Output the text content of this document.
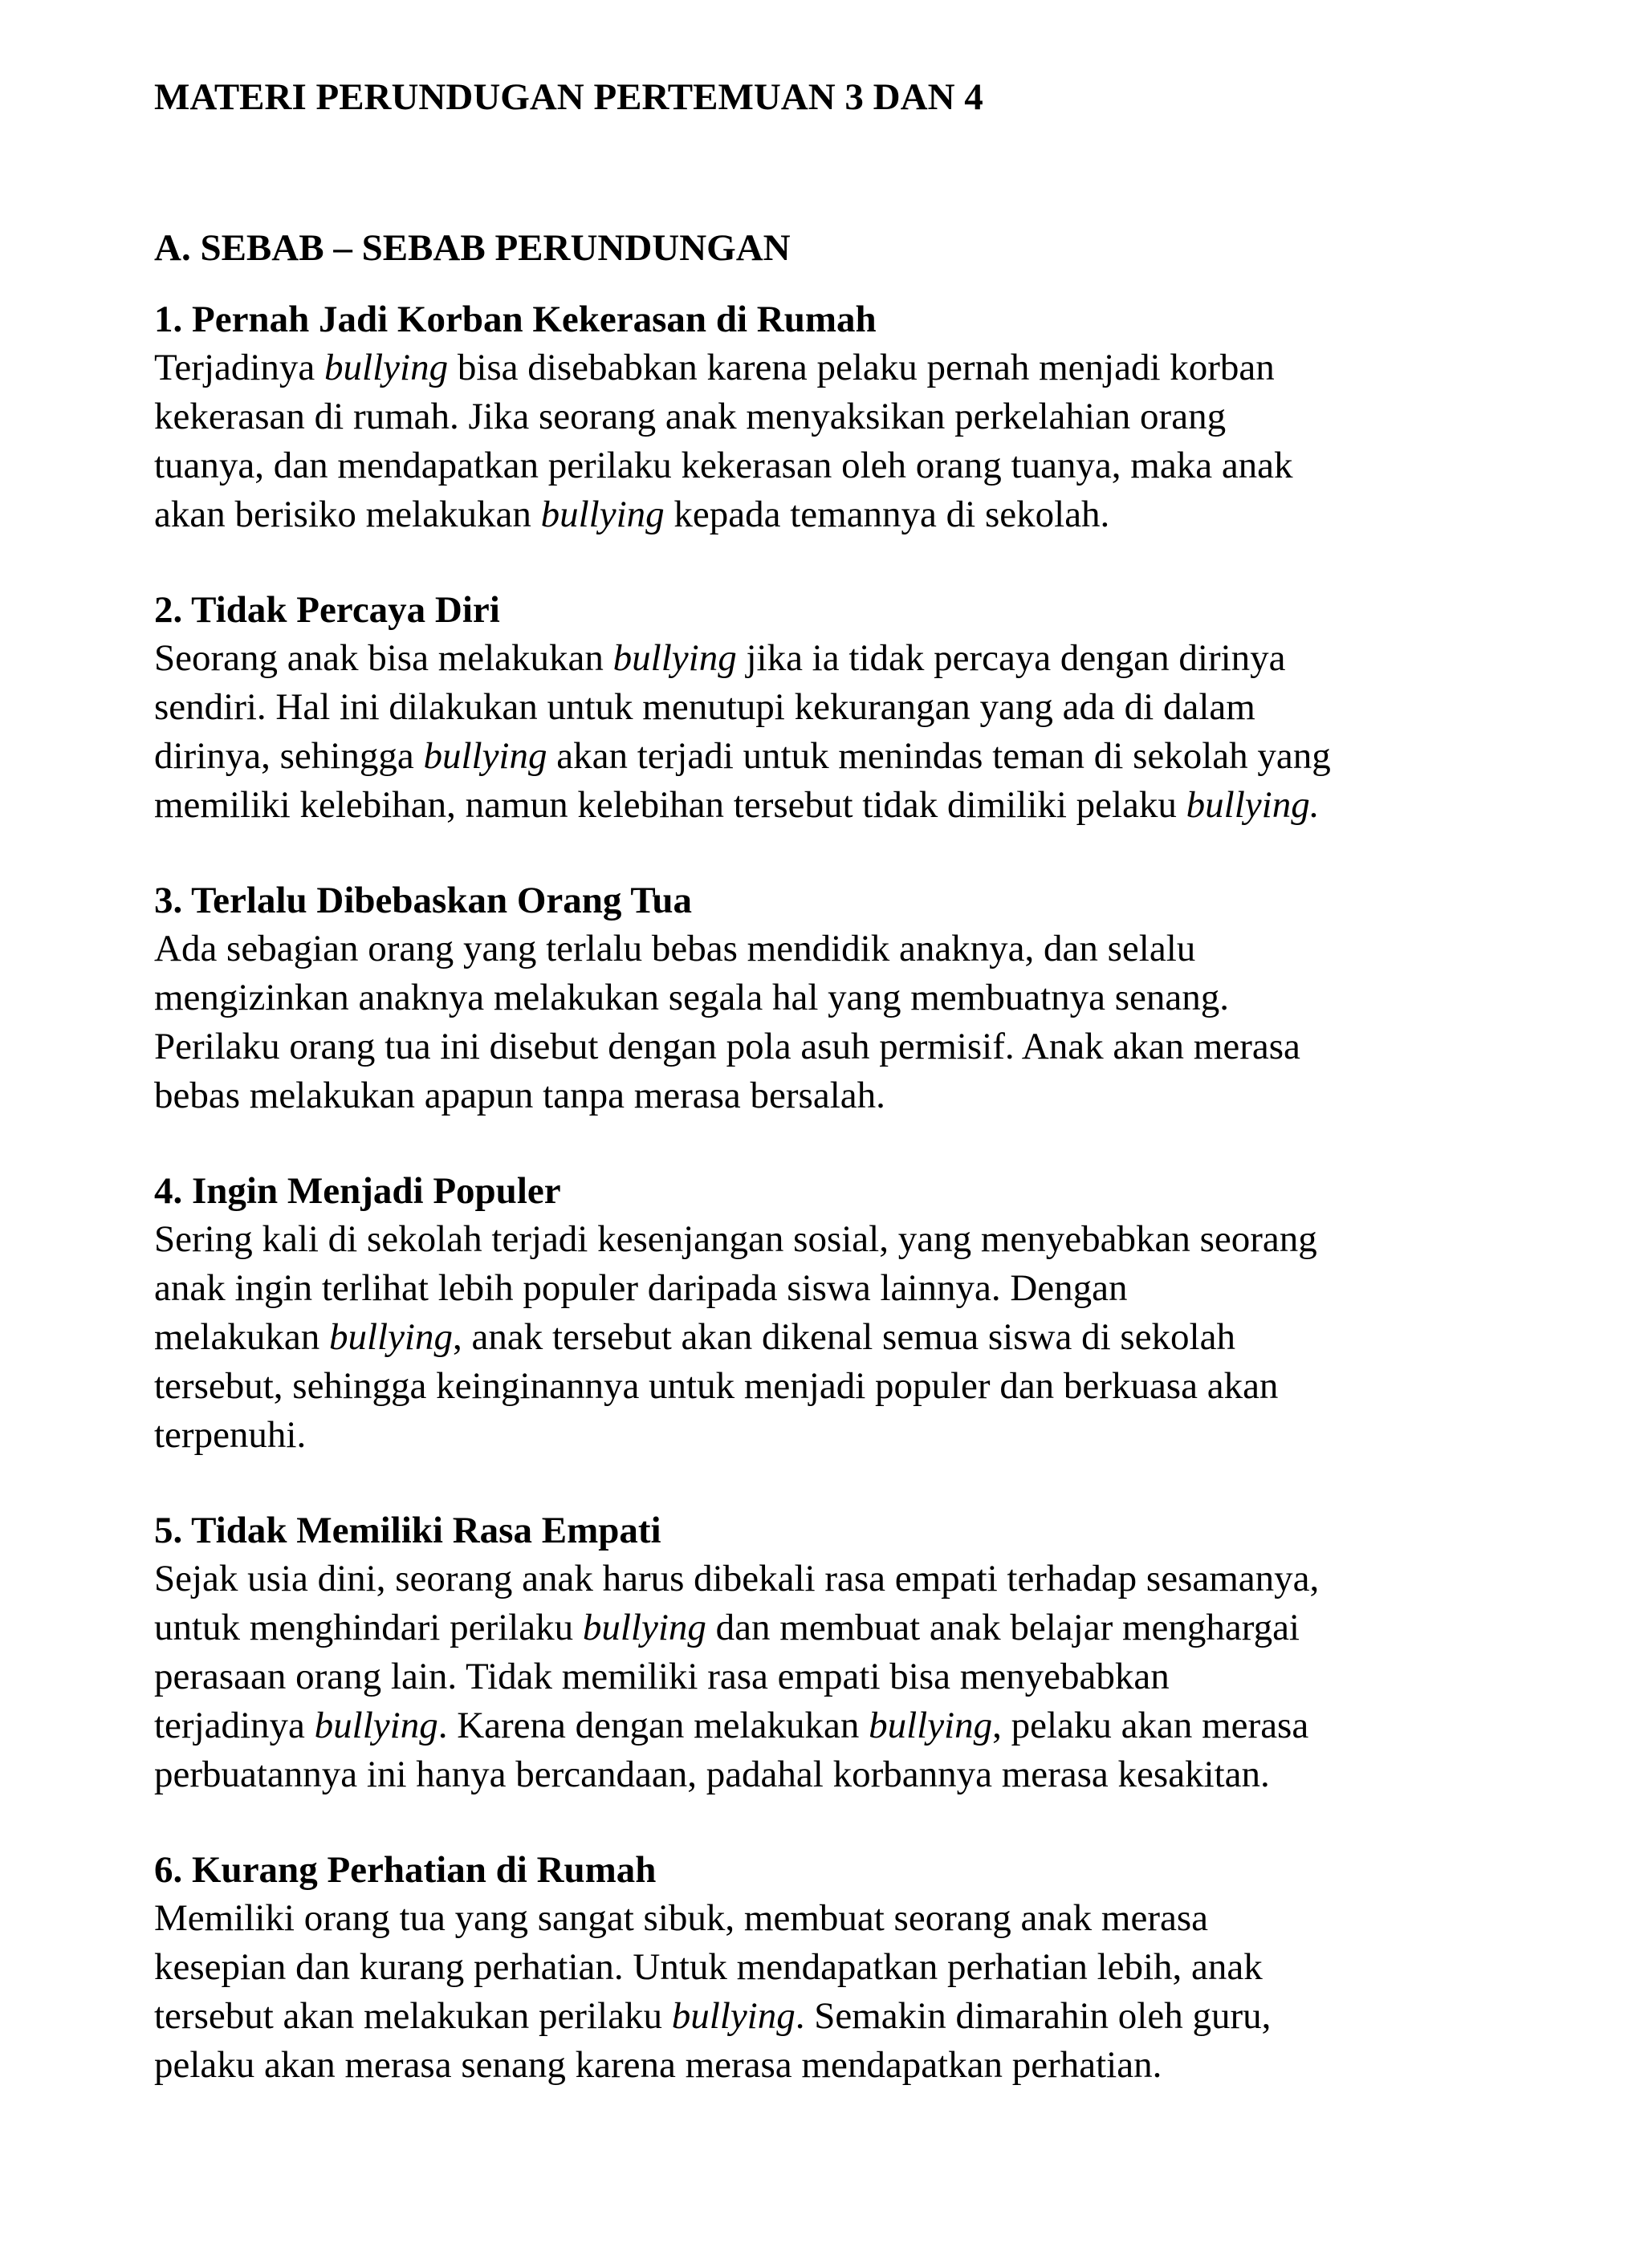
MATERI PERUNDUGAN PERTEMUAN 3 DAN 4
A. SEBAB – SEBAB PERUNDUNGAN
1. Pernah Jadi Korban Kekerasan di Rumah
Terjadinya bullying bisa disebabkan karena pelaku pernah menjadi korban
kekerasan di rumah. Jika seorang anak menyaksikan perkelahian orang
tuanya, dan mendapatkan perilaku kekerasan oleh orang tuanya, maka anak
akan berisiko melakukan bullying kepada temannya di sekolah.
2. Tidak Percaya Diri
Seorang anak bisa melakukan bullying jika ia tidak percaya dengan dirinya
sendiri. Hal ini dilakukan untuk menutupi kekurangan yang ada di dalam
dirinya, sehingga bullying akan terjadi untuk menindas teman di sekolah yang
memiliki kelebihan, namun kelebihan tersebut tidak dimiliki pelaku bullying.
3. Terlalu Dibebaskan Orang Tua
Ada sebagian orang yang terlalu bebas mendidik anaknya, dan selalu
mengizinkan anaknya melakukan segala hal yang membuatnya senang.
Perilaku orang tua ini disebut dengan pola asuh permisif. Anak akan merasa
bebas melakukan apapun tanpa merasa bersalah.
4. Ingin Menjadi Populer
Sering kali di sekolah terjadi kesenjangan sosial, yang menyebabkan seorang
anak ingin terlihat lebih populer daripada siswa lainnya. Dengan
melakukan bullying, anak tersebut akan dikenal semua siswa di sekolah
tersebut, sehingga keinginannya untuk menjadi populer dan berkuasa akan
terpenuhi.
5. Tidak Memiliki Rasa Empati
Sejak usia dini, seorang anak harus dibekali rasa empati terhadap sesamanya,
untuk menghindari perilaku bullying dan membuat anak belajar menghargai
perasaan orang lain. Tidak memiliki rasa empati bisa menyebabkan
terjadinya bullying. Karena dengan melakukan bullying, pelaku akan merasa
perbuatannya ini hanya bercandaan, padahal korbannya merasa kesakitan.
6. Kurang Perhatian di Rumah
Memiliki orang tua yang sangat sibuk, membuat seorang anak merasa
kesepian dan kurang perhatian. Untuk mendapatkan perhatian lebih, anak
tersebut akan melakukan perilaku bullying. Semakin dimarahin oleh guru,
pelaku akan merasa senang karena merasa mendapatkan perhatian.
